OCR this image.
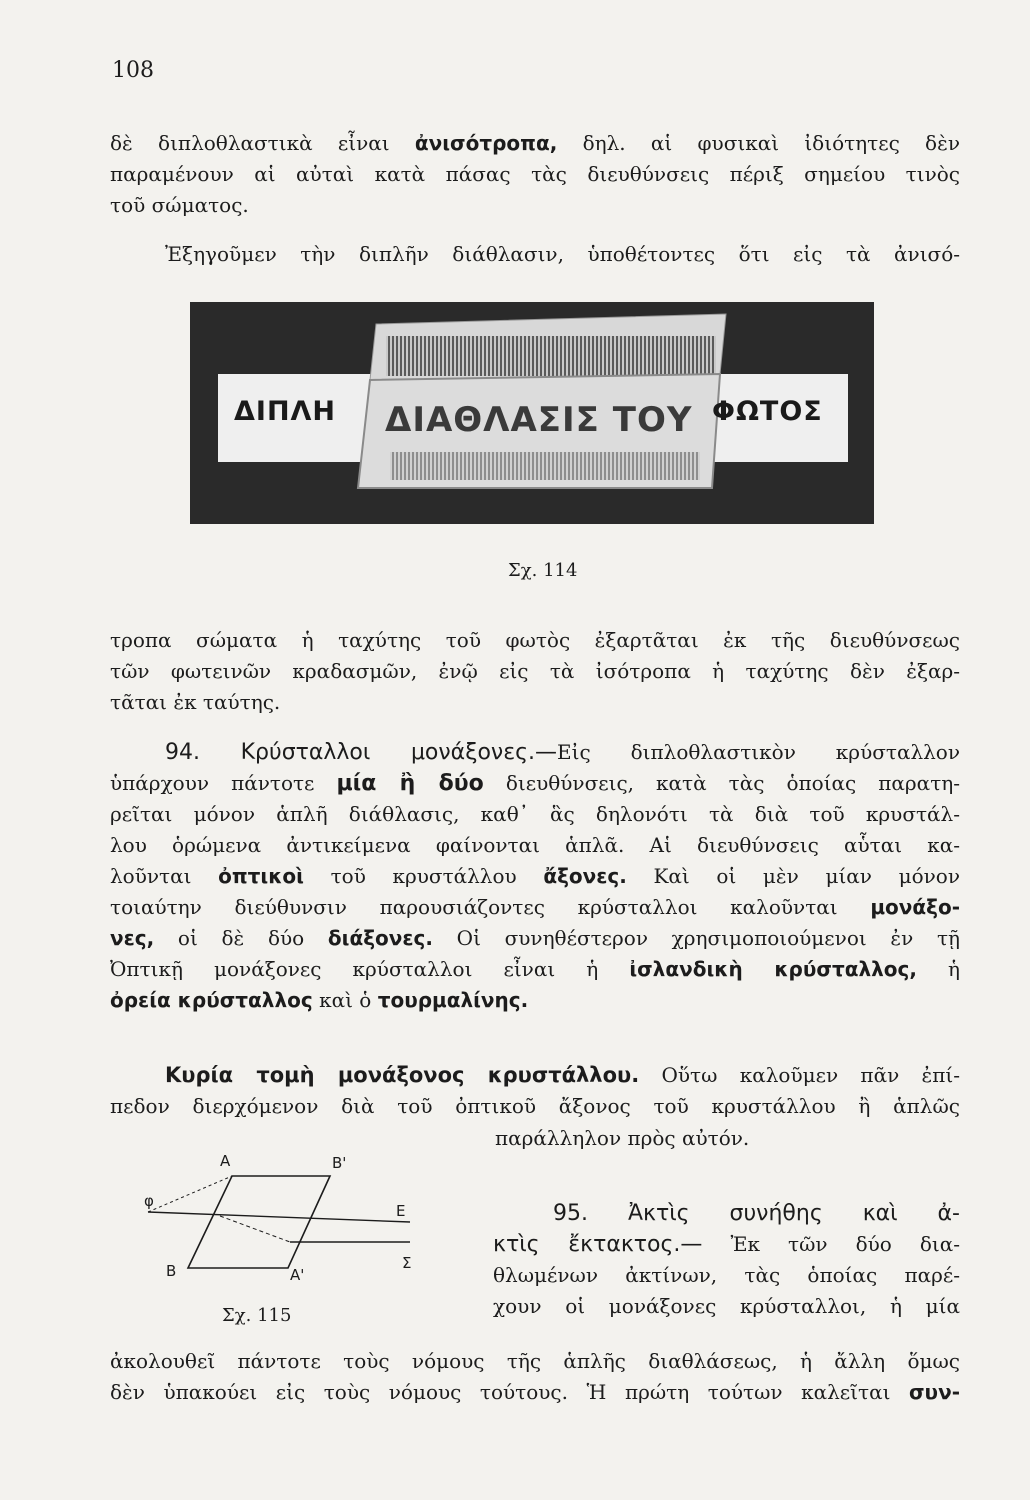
108
δὲ διπλοθλαστικὰ εἶναι ἀνισότροπα, δηλ. αἱ φυσικαὶ ἰδιότητες δὲν
παραμένουν αἱ αὐταὶ κατὰ πάσας τὰς διευθύνσεις πέριξ σημείου τινὸς
τοῦ σώματος.
Ἐξηγοῦμεν τὴν διπλῆν διάθλασιν, ὑποθέτοντες ὅτι εἰς τὰ ἀνισό-
ΔΙΠΛΗ ΔΙΑΘΛΑΣΙΣ ΤΟΥ ΦΩΤΟΣ
Σχ. 114
τροπα σώματα ἡ ταχύτης τοῦ φωτὸς ἐξαρτᾶται ἐκ τῆς διευθύνσεως
τῶν φωτεινῶν κραδασμῶν, ἐνῷ εἰς τὰ ἰσότροπα ἡ ταχύτης δὲν ἐξαρ-
τᾶται ἐκ ταύτης.
94. Κρύσταλλοι μονάξονες.—Εἰς διπλοθλαστικὸν κρύσταλλον
ὑπάρχουν πάντοτε μία ἢ δύο διευθύνσεις, κατὰ τὰς ὁποίας παρατη-
ρεῖται μόνον ἁπλῆ διάθλασις, καθ᾽ ἃς δηλονότι τὰ διὰ τοῦ κρυστάλ-
λου ὁρώμενα ἀντικείμενα φαίνονται ἁπλᾶ. Αἱ διευθύνσεις αὗται κα-
λοῦνται ὀπτικοὶ τοῦ κρυστάλλου ἄξονες. Καὶ οἱ μὲν μίαν μόνον
τοιαύτην διεύθυνσιν παρουσιάζοντες κρύσταλλοι καλοῦνται μονάξο-
νες, οἱ δὲ δύο διάξονες. Οἱ συνηθέστερον χρησιμοποιούμενοι ἐν τῇ
Ὀπτικῇ μονάξονες κρύσταλλοι εἶναι ἡ ἰσλανδικὴ κρύσταλλος, ἡ
ὀρεία κρύσταλλος καὶ ὁ τουρμαλίνης.
Κυρία τομὴ μονάξονος κρυστάλλου. Οὕτω καλοῦμεν πᾶν ἐπί-
πεδον διερχόμενον διὰ τοῦ ὀπτικοῦ ἄξονος τοῦ κρυστάλλου ἢ ἁπλῶς
παράλληλον πρὸς αὐτόν.
Α	Β'
φ
Ε
Β	Α'
Σ
Σχ. 115
95. Ἀκτὶς συνήθης καὶ ἀ-
κτὶς ἔκτακτος.— Ἐκ τῶν δύο δια-
θλωμένων ἀκτίνων, τὰς ὁποίας παρέ-
χουν οἱ μονάξονες κρύσταλλοι, ἡ μία
ἀκολουθεῖ πάντοτε τοὺς νόμους τῆς ἁπλῆς διαθλάσεως, ἡ ἄλλη ὅμως
δὲν ὑπακούει εἰς τοὺς νόμους τούτους. Ἡ πρώτη τούτων καλεῖται συν-
